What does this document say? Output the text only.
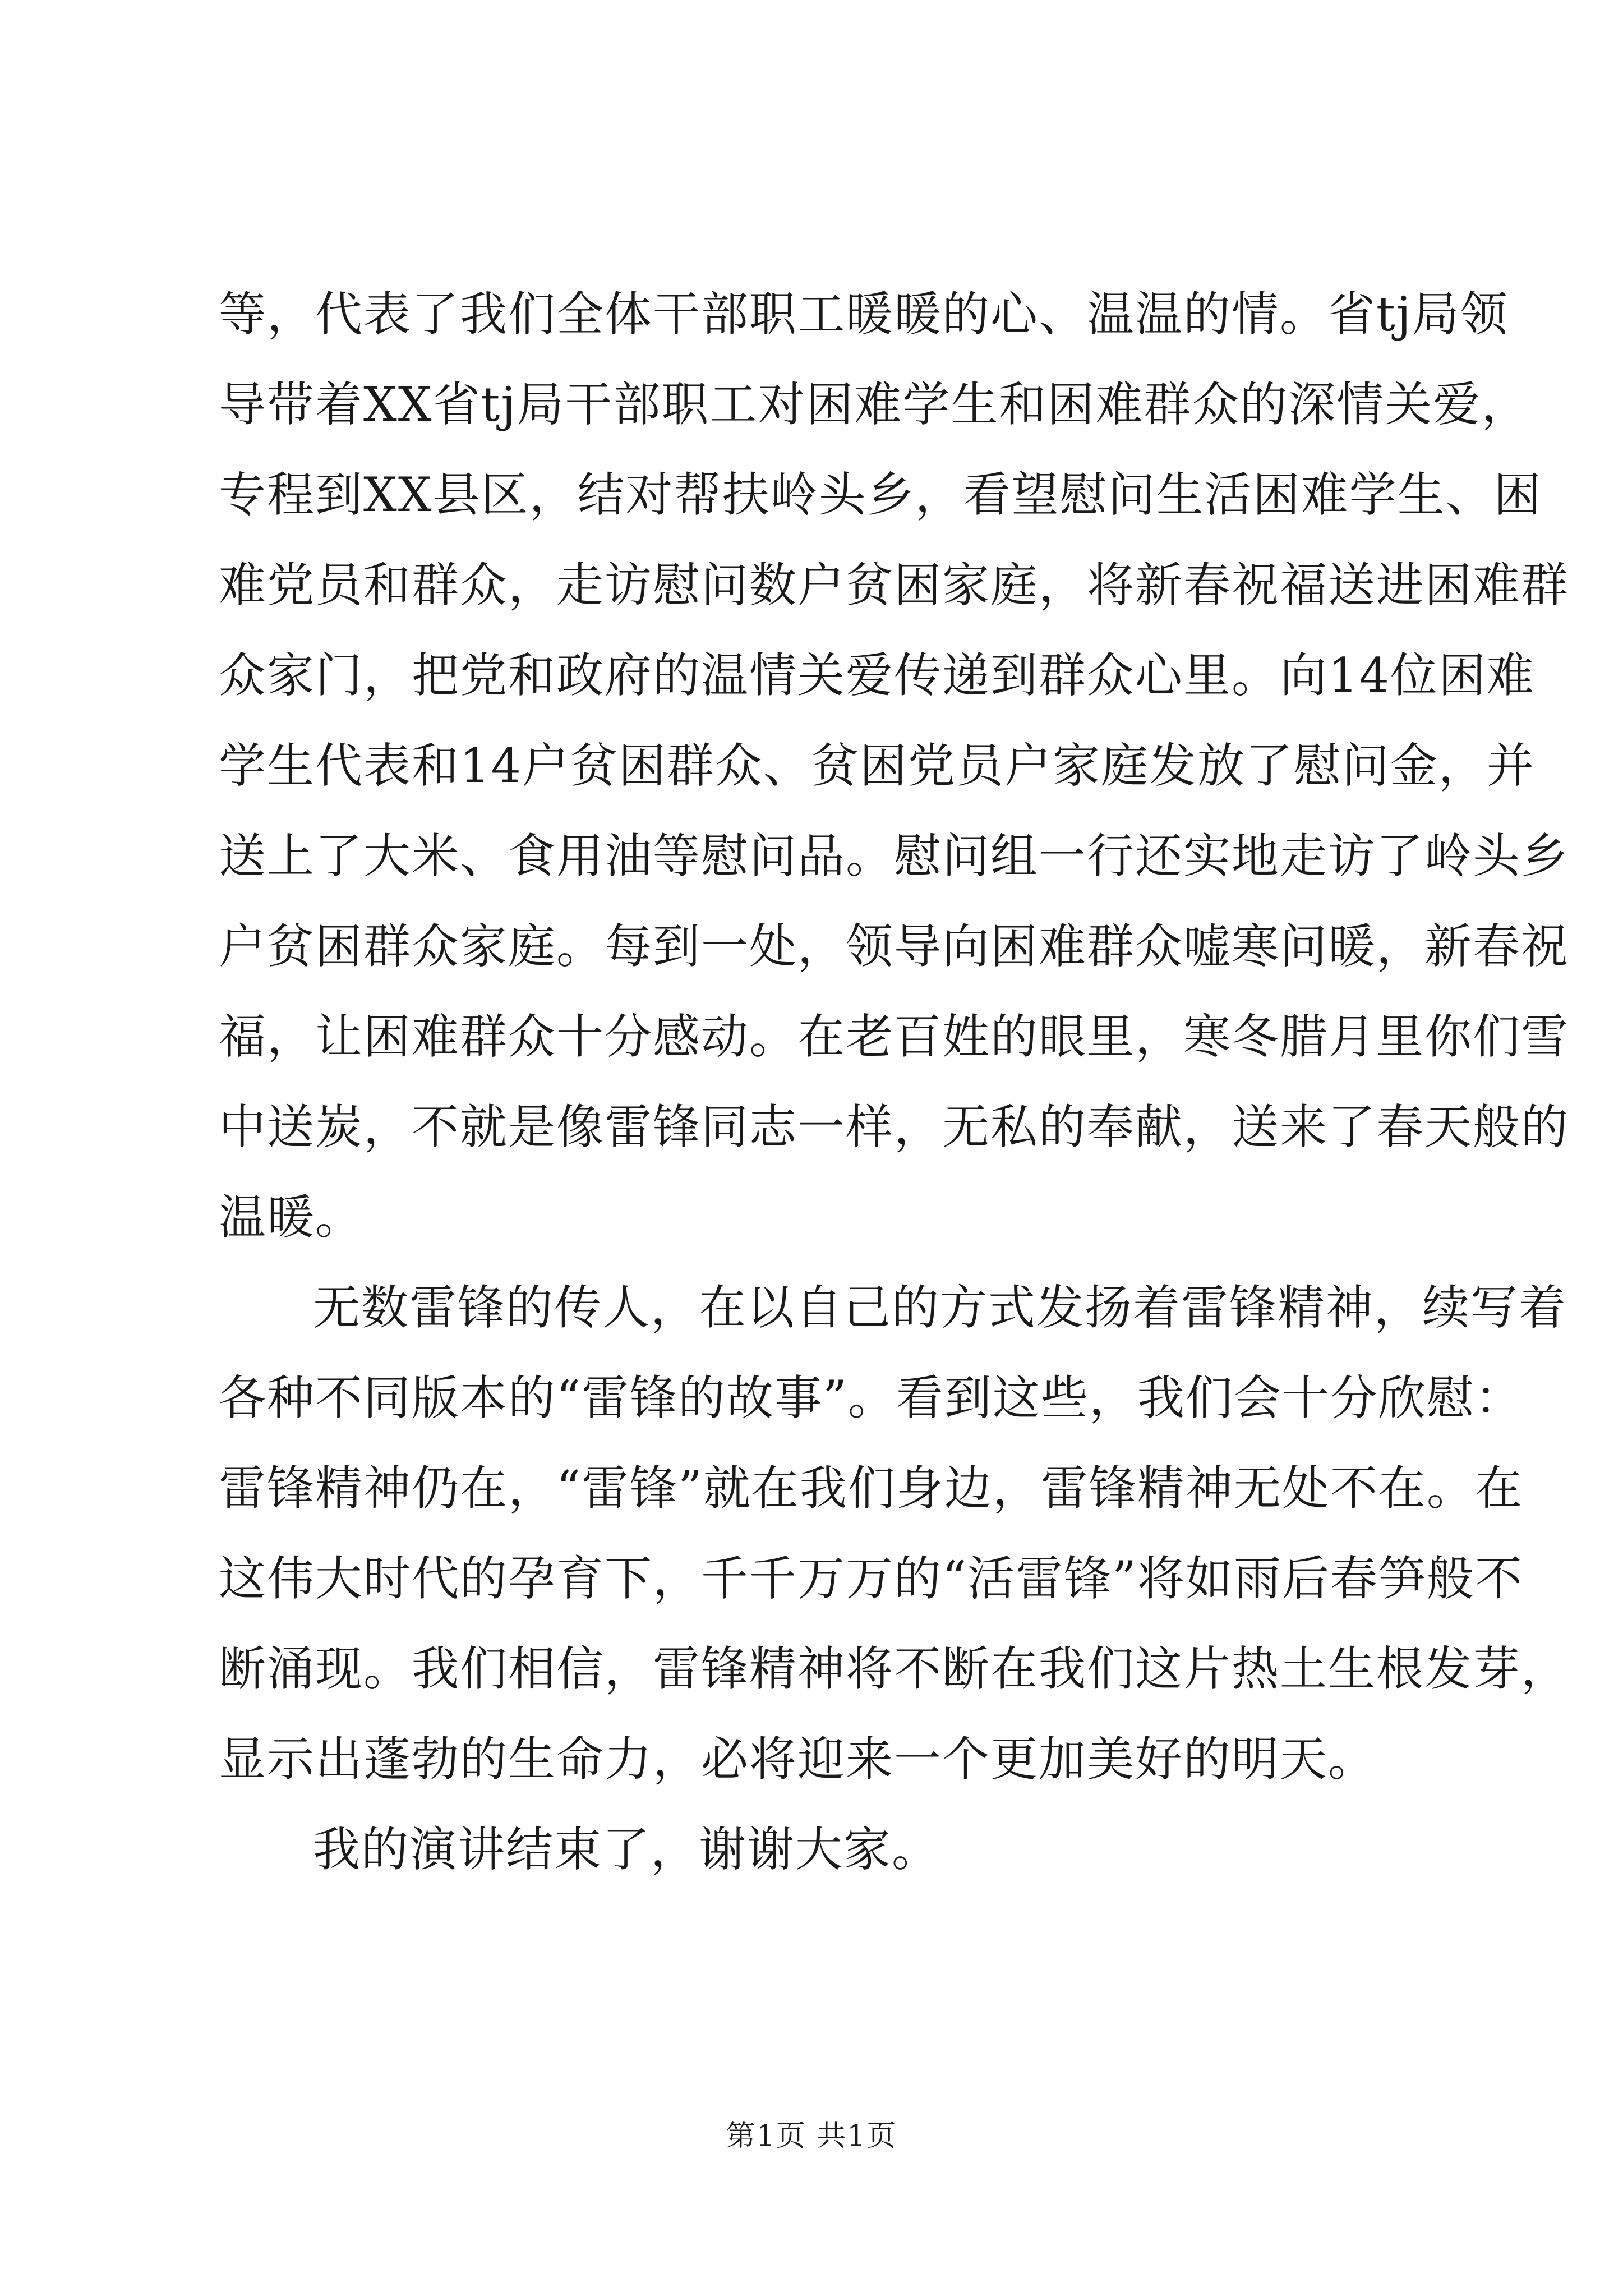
等，代表了我们全体干部职工暖暖的心、温温的情。省tj局领
导带着XX省tj局干部职工对困难学生和困难群众的深情关爱，
专程到XX县区，结对帮扶岭头乡，看望慰问生活困难学生、困
难党员和群众，走访慰问数户贫困家庭，将新春祝福送进困难群
众家门，把党和政府的温情关爱传递到群众心里。向14位困难
学生代表和14户贫困群众、贫困党员户家庭发放了慰问金，并
送上了大米、食用油等慰问品。慰问组一行还实地走访了岭头乡
户贫困群众家庭。每到一处，领导向困难群众嘘寒问暖，新春祝
福，让困难群众十分感动。在老百姓的眼里，寒冬腊月里你们雪
中送炭，不就是像雷锋同志一样，无私的奉献，送来了春天般的
温暖。
无数雷锋的传人，在以自己的方式发扬着雷锋精神，续写着
各种不同版本的“雷锋的故事”。看到这些，我们会十分欣慰：
雷锋精神仍在，“雷锋”就在我们身边，雷锋精神无处不在。在
这伟大时代的孕育下，千千万万的“活雷锋”将如雨后春笋般不
断涌现。我们相信，雷锋精神将不断在我们这片热土生根发芽，
显示出蓬勃的生命力，必将迎来一个更加美好的明天。
我的演讲结束了，谢谢大家。
第1页 共1页
